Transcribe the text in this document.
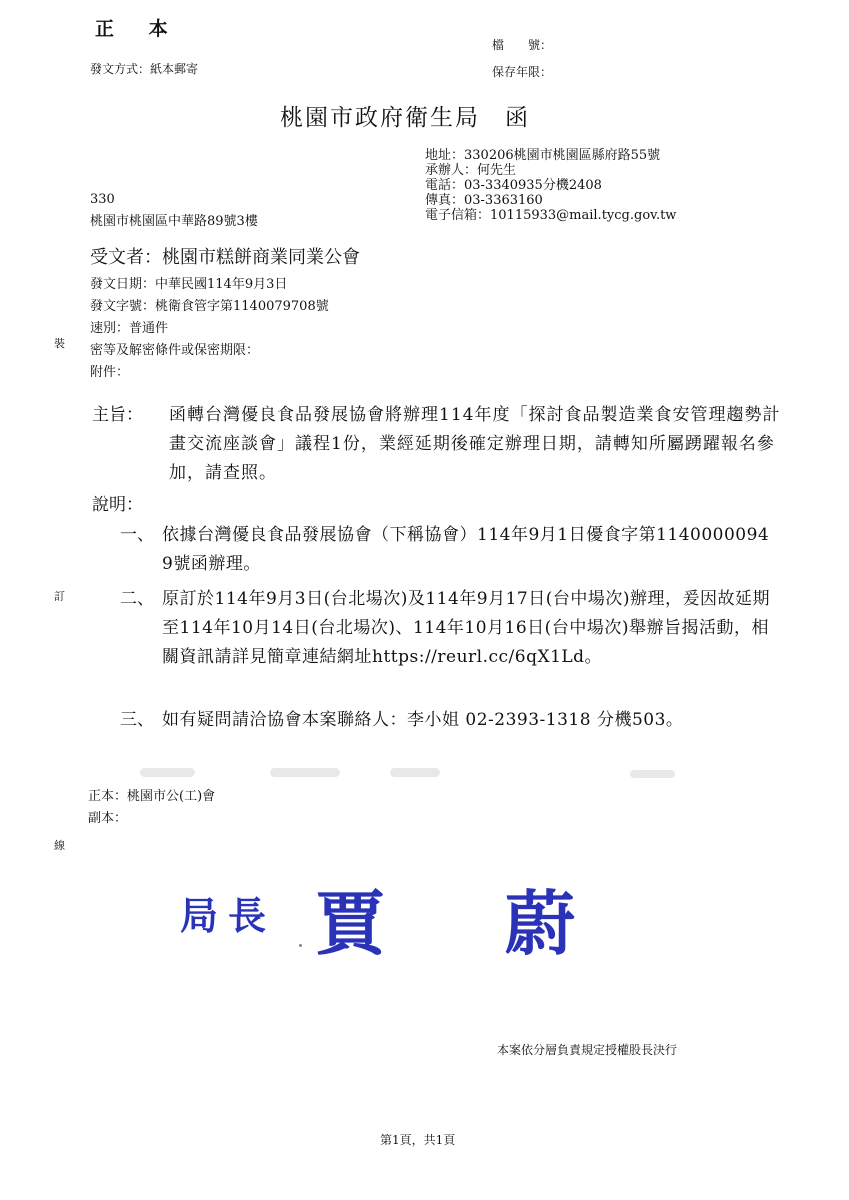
正 本
發文方式：紙本郵寄
檔　　號：
保存年限：
桃園市政府衛生局　函
地址：330206桃園市桃園區縣府路55號
承辦人：何先生
電話：03-3340935分機2408
傳真：03-3363160
電子信箱：10115933@mail.tycg.gov.tw
330
桃園市桃園區中華路89號3樓
受文者：桃園市糕餅商業同業公會
發文日期：中華民國114年9月3日
發文字號：桃衛食管字第1140079708號
速別：普通件
密等及解密條件或保密期限：
附件：
裝
訂
線
主旨： 函轉台灣優良食品發展協會將辦理114年度「探討食品製造業食安管理趨勢計畫交流座談會」議程1份，業經延期後確定辦理日期，請轉知所屬踴躍報名參加，請查照。
說明：
一、 依據台灣優良食品發展協會（下稱協會）114年9月1日優食字第11400000949號函辦理。
二、 原訂於114年9月3日(台北場次)及114年9月17日(台中場次)辦理，爰因故延期至114年10月14日(台北場次)、114年10月16日(台中場次)舉辦旨揭活動，相關資訊請詳見簡章連結網址https://reurl.cc/6qX1Ld。
三、 如有疑問請洽協會本案聯絡人：李小姐 02-2393-1318 分機503。
正本：桃園市公(工)會
副本：
局長 賈蔚
本案依分層負責規定授權股長決行
第1頁，共1頁
